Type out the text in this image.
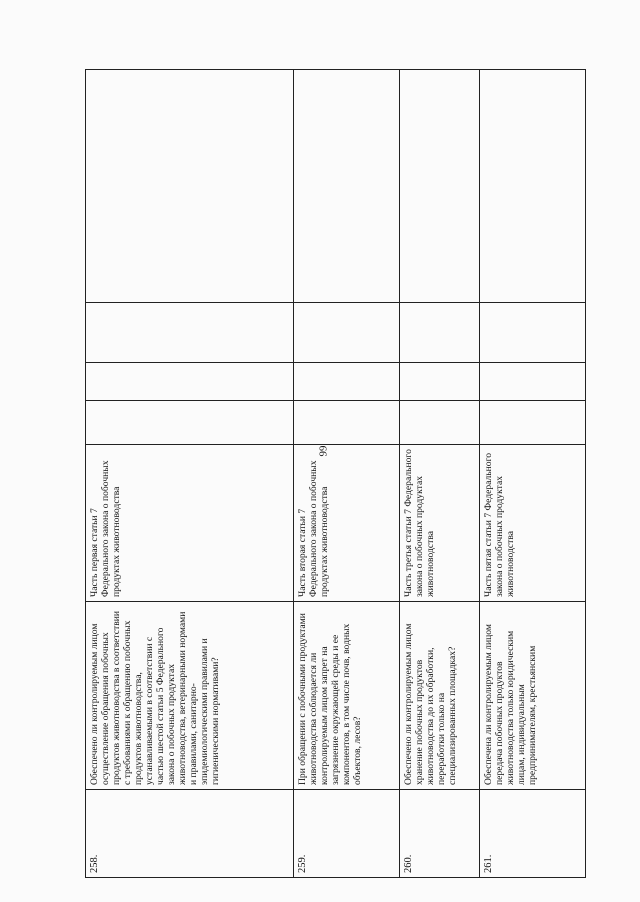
99
258.	Обеспечено ли контролируемым лицом осуществление обращения побочных продуктов животноводства в соответствии с требованиями к обращению побочных продуктов животноводства, устанавливаемыми в соответствии с частью шестой статьи 5 Федерального закона о побочных продуктах животноводства, ветеринарными нормами и правилами, санитарно-эпидемиологическими правилами и гигиеническими нормативами?	Часть первая статьи 7 Федерального закона о побочных продуктах животноводства				
259.	При обращении с побочными продуктами животноводства соблюдается ли контролируемым лицом запрет на загрязнение окружающей среды и ее компонентов, в том числе почв, водных объектов, лесов?	Часть вторая статьи 7 Федерального закона о побочных продуктах животноводства				
260.	Обеспечено ли контролируемым лицом хранение побочных продуктов животноводства до их обработки, переработки только на специализированных площадках?	Часть третья статьи 7 Федерального закона о побочных продуктах животноводства				
261.	Обеспечена ли контролируемым лицом передача побочных продуктов животноводства только юридическим лицам, индивидуальным предпринимателям, крестьянским	Часть пятая статьи 7 Федерального закона о побочных продуктах животноводства				
